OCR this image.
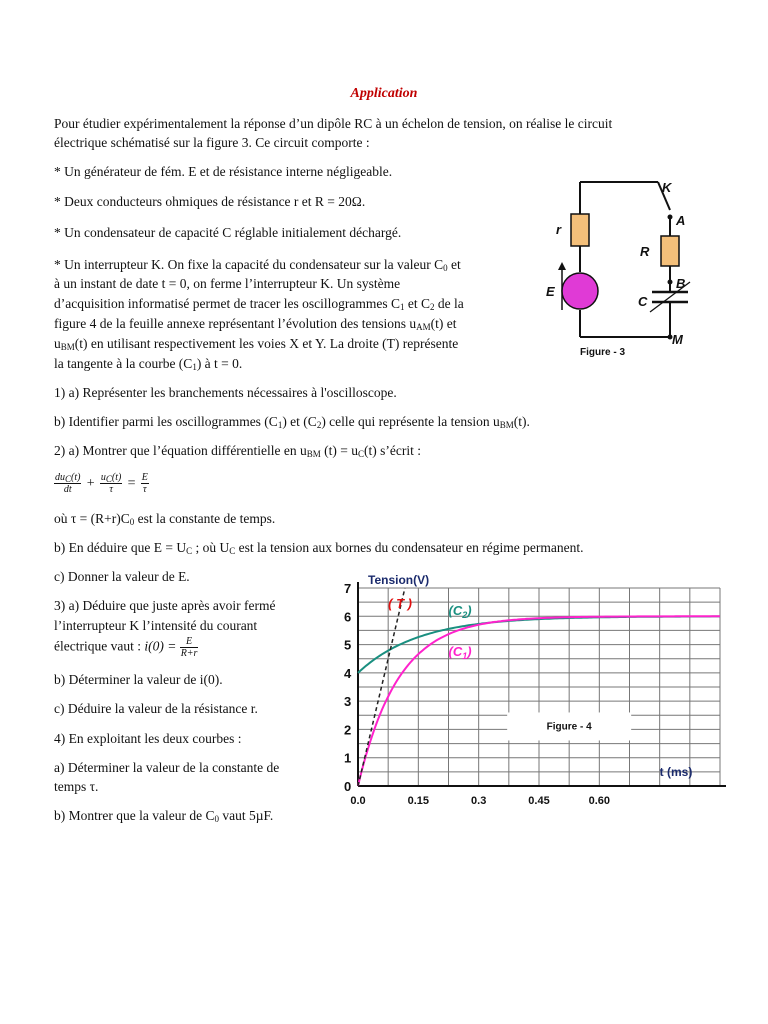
Application
Pour étudier expérimentalement la réponse d’un dipôle RC à un échelon de tension, on réalise le circuit
électrique schématisé sur la figure 3. Ce circuit comporte :
* Un générateur de fém. E et de résistance interne négligeable.
* Deux conducteurs ohmiques de résistance r et R = 20Ω.
* Un condensateur de capacité C réglable initialement déchargé.
* Un interrupteur K. On fixe la capacité du condensateur sur la valeur $C_0$ et
à un instant de date t = 0, on ferme l’interrupteur K. Un système
d’acquisition informatisé permet de tracer les oscillogrammes $C_1$ et $C_2$ de la
figure 4 de la feuille annexe représentant l’évolution des tensions $u_{AM}(t)$ et
$u_{BM}(t)$ en utilisant respectivement les voies X et Y. La droite (T) représente
la tangente à la courbe $(C_1)$ à t = 0.
K
A
R
B
C
M
r
E
Figure - 3
1) a) Représenter les branchements nécessaires à l'oscilloscope.
b) Identifier parmi les oscillogrammes $(C_1)$ et $(C_2)$ celle qui représente la tension $u_{BM}(t)$.
2) a) Montrer que l’équation différentielle en $u_{BM}$ $(t) = u_C(t)$ s’écrit :
$\frac{du_C(t)}{dt} + \frac{u_C(t)}{\tau} = \frac{E}{\tau}$
où $\tau = (R+r)C_0$ est la constante de temps.
b) En déduire que $E = U_C$ ; où $U_C$ est la tension aux bornes du condensateur en régime permanent.
c) Donner la valeur de E.
3) a) Déduire que juste après avoir fermé
l’interrupteur K l’intensité du courant
électrique vaut : $i(0) = \frac{E}{R+r}$
b) Déterminer la valeur de i(0).
c) Déduire la valeur de la résistance r.
4) En exploitant les deux courbes :
a) Déterminer la valeur de la constante de
temps τ.
b) Montrer que la valeur de $C_0$ vaut 5µF.
0
1
2
3
4
5
6
7
0.0	0.15	0.3	0.45	0.60
Tension(V)
t (ms)
Figure - 4
$(C_2)$
$(C_1)$
( T )
